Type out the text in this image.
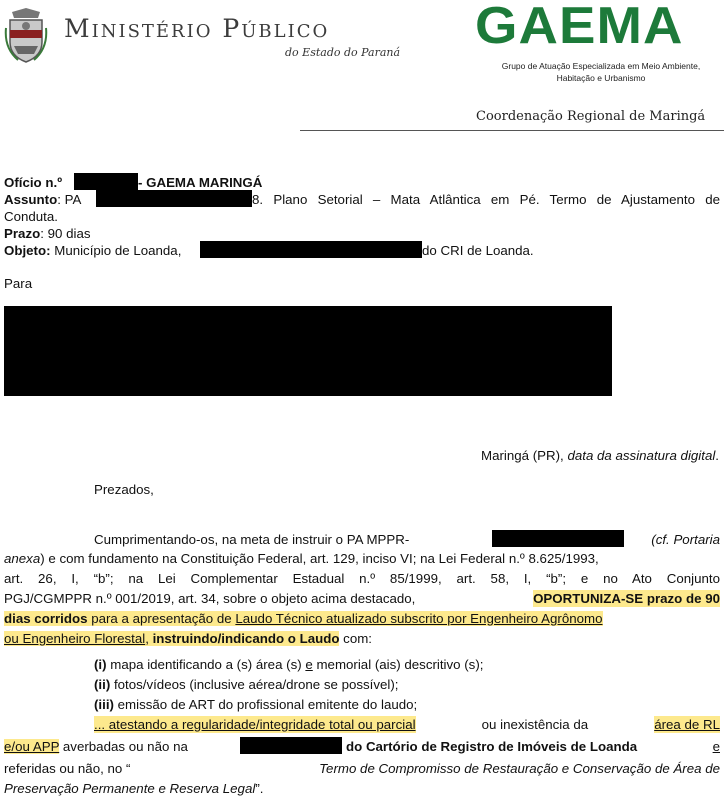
Ministério Público
do Estado do Paraná GAEMA
Grupo de Atuação Especializada em Meio Ambiente,
Habitação e Urbanismo
Coordenação Regional de Maringá
Ofício n.º	- GAEMA MARINGÁ
Assunto: PA	8. Plano Setorial – Mata Atlântica em Pé. Termo de Ajustamento de
Conduta.
Prazo: 90 dias
Objeto: Município de Loanda,	do CRI de Loanda.
Para
Maringá (PR), data da assinatura digital.
Prezados,
Cumprimentando-os, na meta de instruir o PA MPPR-	(cf. Portaria
anexa) e com fundamento na Constituição Federal, art. 129, inciso VI; na Lei Federal n.º 8.625/1993,
art. 26, I, “b”; na Lei Complementar Estadual n.º 85/1999, art. 58, I, “b”; e no Ato Conjunto
PGJ/CGMPPR n.º 001/2019, art. 34, sobre o objeto acima destacado,	OPORTUNIZA-SE prazo de 90
dias corridos para a apresentação de Laudo Técnico atualizado subscrito por Engenheiro Agrônomo
ou Engenheiro Florestal, instruindo/indicando o Laudo com:
(i) mapa identificando a (s) área (s) e memorial (ais) descritivo (s);
(ii) fotos/vídeos (inclusive aérea/drone se possível);
(iii) emissão de ART do profissional emitente do laudo;
... atestando a regularidade/integridade total ou parcial	ou inexistência da	área de RL
e/ou APP averbadas ou não na	do Cartório de Registro de Imóveis de Loanda	e
referidas ou não, no “	Termo de Compromisso de Restauração e Conservação de Área de
Preservação Permanente e Reserva Legal”.
